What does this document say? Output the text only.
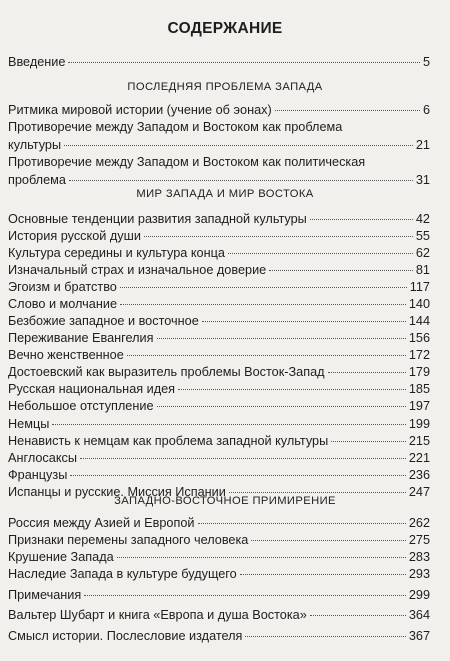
СОДЕРЖАНИЕ
Введение	5
ПОСЛЕДНЯЯ ПРОБЛЕМА ЗАПАДА
Ритмика мировой истории (учение об эонах)	6
Противоречие между Западом и Востоком как проблема
культуры	21
Противоречие между Западом и Востоком как политическая
проблема	31
МИР ЗАПАДА И МИР ВОСТОКА
Основные тенденции развития западной культуры	42
История русской души	55
Культура середины и культура конца	62
Изначальный страх и изначальное доверие	81
Эгоизм и братство	117
Слово и молчание	140
Безбожие западное и восточное	144
Переживание Евангелия	156
Вечно женственное	172
Достоевский как выразитель проблемы Восток-Запад	179
Русская национальная идея	185
Небольшое отступление	197
Немцы	199
Ненависть к немцам как проблема западной культуры	215
Англосаксы	221
Французы	236
Испанцы и русские. Миссия Испании	247
ЗАПАДНО-ВОСТОЧНОЕ ПРИМИРЕНИЕ
Россия между Азией и Европой	262
Признаки перемены западного человека	275
Крушение Запада	283
Наследие Запада в культуре будущего	293
Примечания	299
Вальтер Шубарт и книга «Европа и душа Востока»	364
Смысл истории. Послесловие издателя	367
